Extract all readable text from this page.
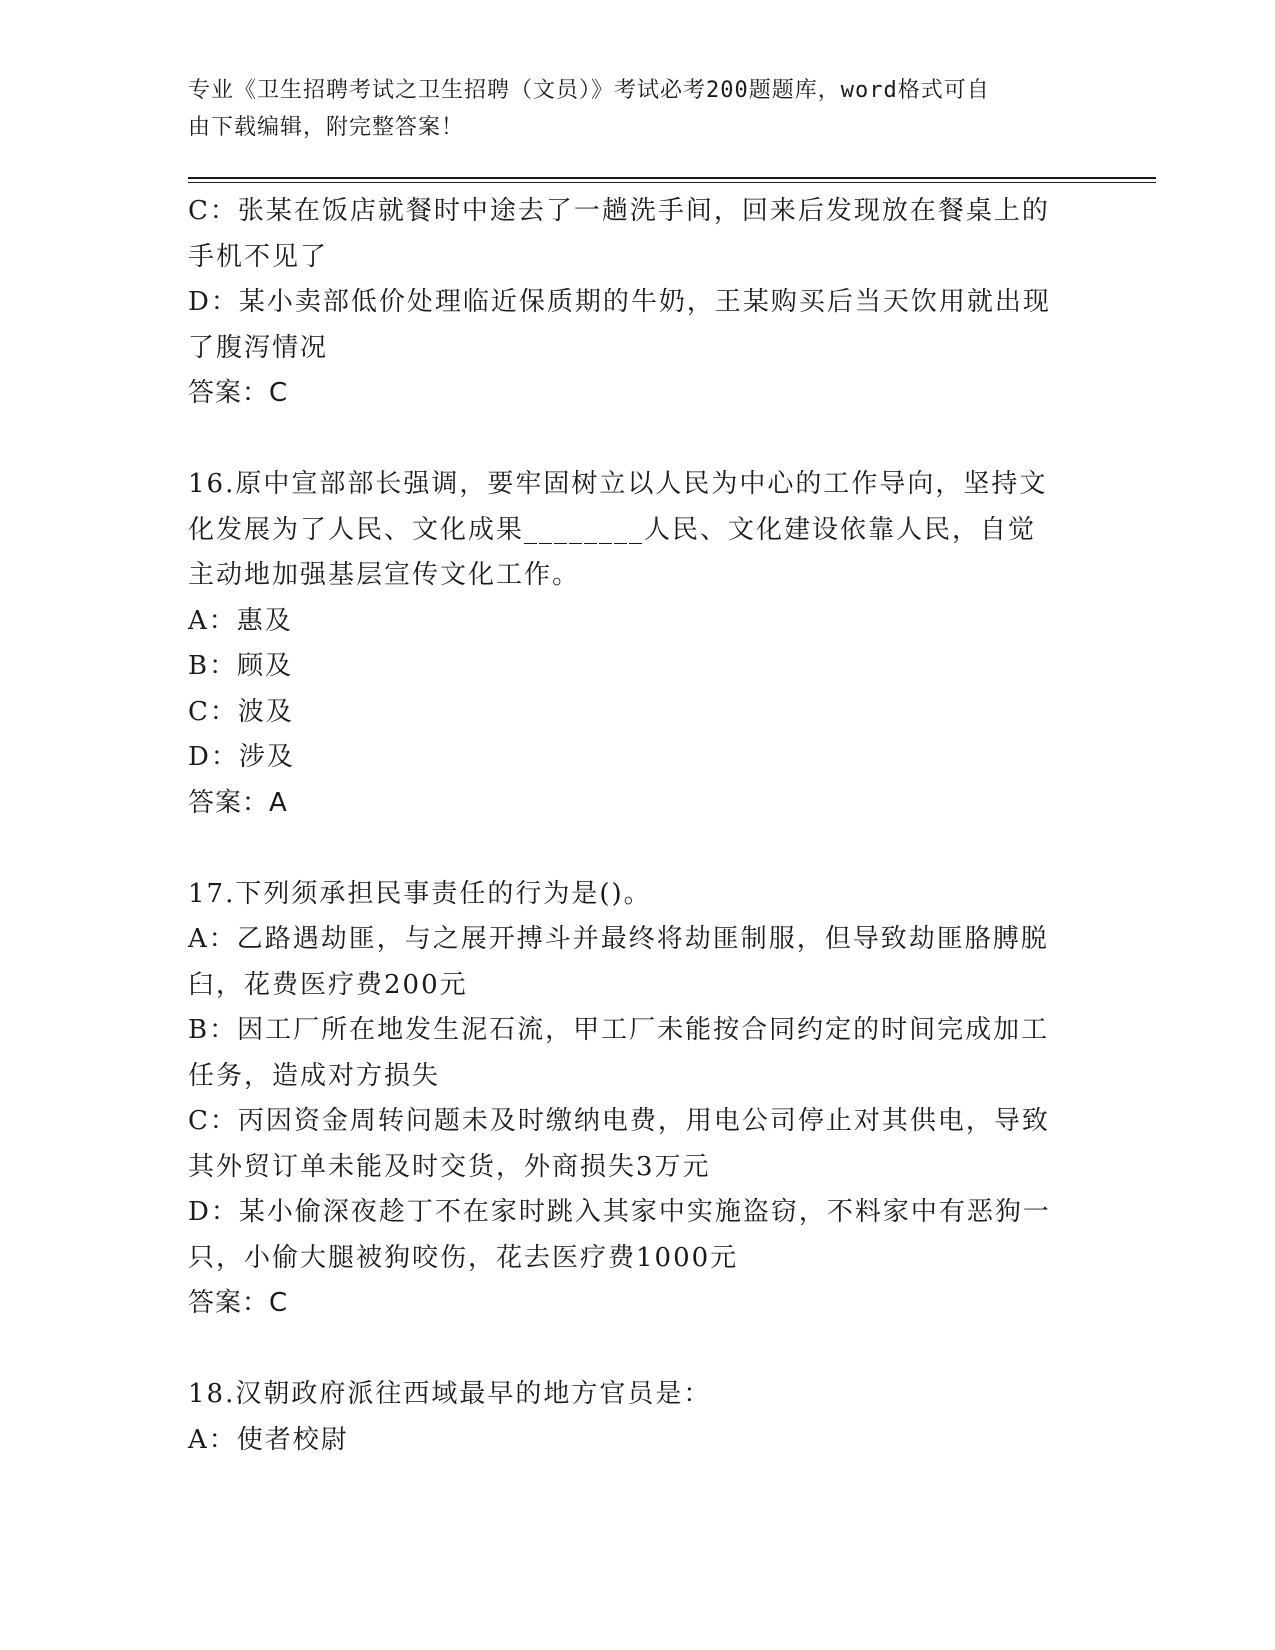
专业《卫生招聘考试之卫生招聘（文员）》考试必考200题题库，word格式可自
由下载编辑，附完整答案！
C：张某在饭店就餐时中途去了一趟洗手间，回来后发现放在餐桌上的
手机不见了
D：某小卖部低价处理临近保质期的牛奶，王某购买后当天饮用就出现
了腹泻情况
答案：C
16.原中宣部部长强调，要牢固树立以人民为中心的工作导向，坚持文
化发展为了人民、文化成果________人民、文化建设依靠人民，自觉
主动地加强基层宣传文化工作。
A：惠及
B：顾及
C：波及
D：涉及
答案：A
17.下列须承担民事责任的行为是()。
A：乙路遇劫匪，与之展开搏斗并最终将劫匪制服，但导致劫匪胳膊脱
臼，花费医疗费200元
B：因工厂所在地发生泥石流，甲工厂未能按合同约定的时间完成加工
任务，造成对方损失
C：丙因资金周转问题未及时缴纳电费，用电公司停止对其供电，导致
其外贸订单未能及时交货，外商损失3万元
D：某小偷深夜趁丁不在家时跳入其家中实施盗窃，不料家中有恶狗一
只，小偷大腿被狗咬伤，花去医疗费1000元
答案：C
18.汉朝政府派往西域最早的地方官员是：
A：使者校尉
